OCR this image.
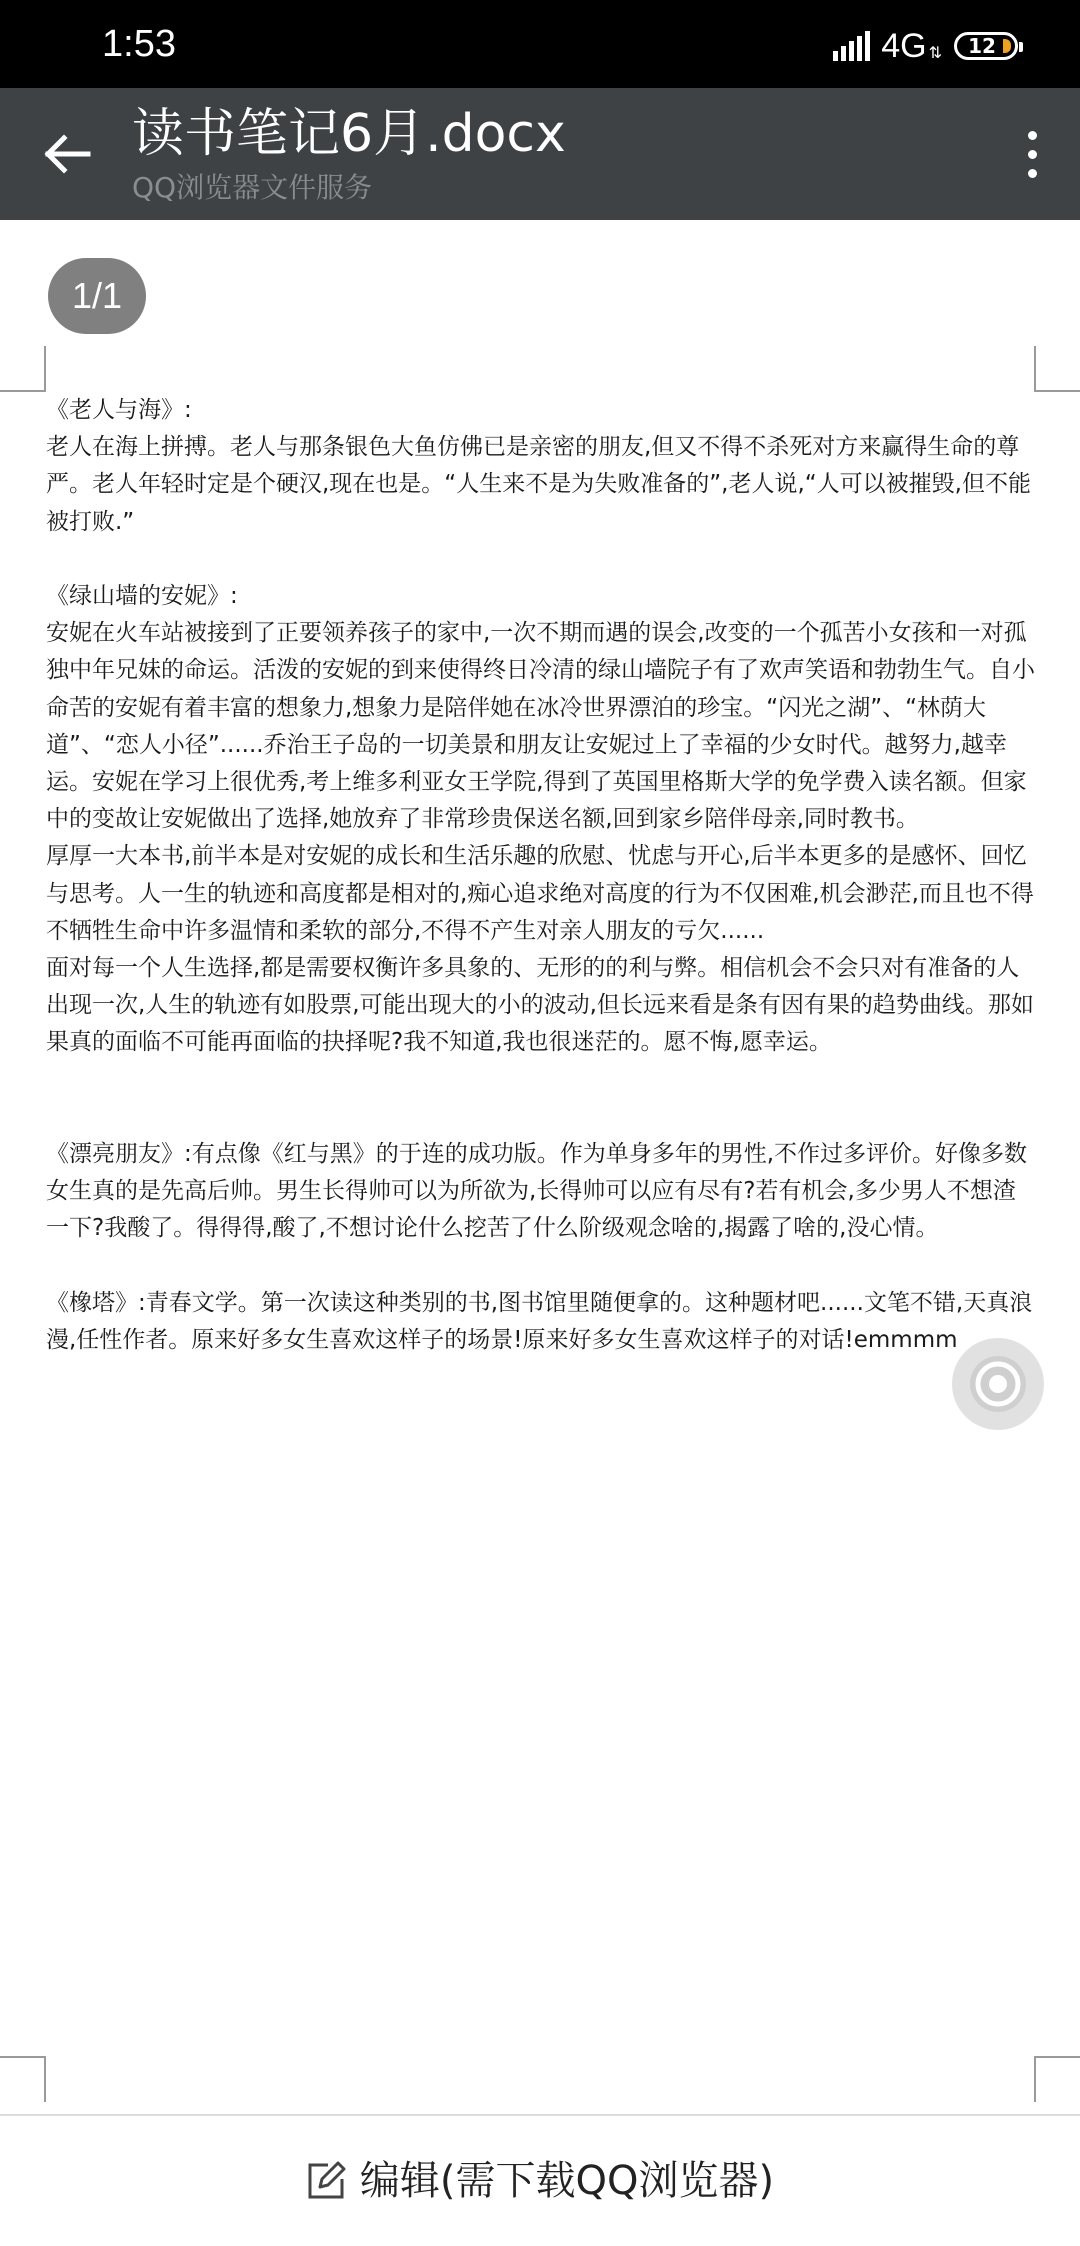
1:53	4G ⇅ 12
读书笔记6月.docx
QQ浏览器文件服务
1/1

《老人与海》:

老人在海上拼搏。老人与那条银色大鱼仿佛已是亲密的朋友,但又不得不杀死对方来赢得生命的尊严。老人年轻时定是个硬汉,现在也是。“人生来不是为失败准备的”,老人说,“人可以被摧毁,但不能被打败.”

《绿山墙的安妮》:

安妮在火车站被接到了正要领养孩子的家中,一次不期而遇的误会,改变的一个孤苦小女孩和一对孤独中年兄妹的命运。活泼的安妮的到来使得终日冷清的绿山墙院子有了欢声笑语和勃勃生气。自小命苦的安妮有着丰富的想象力,想象力是陪伴她在冰冷世界漂泊的珍宝。“闪光之湖”、“林荫大道”、“恋人小径”......乔治王子岛的一切美景和朋友让安妮过上了幸福的少女时代。越努力,越幸运。安妮在学习上很优秀,考上维多利亚女王学院,得到了英国里格斯大学的免学费入读名额。但家中的变故让安妮做出了选择,她放弃了非常珍贵保送名额,回到家乡陪伴母亲,同时教书。

厚厚一大本书,前半本是对安妮的成长和生活乐趣的欣慰、忧虑与开心,后半本更多的是感怀、回忆与思考。人一生的轨迹和高度都是相对的,痴心追求绝对高度的行为不仅困难,机会渺茫,而且也不得不牺牲生命中许多温情和柔软的部分,不得不产生对亲人朋友的亏欠......

面对每一个人生选择,都是需要权衡许多具象的、无形的的利与弊。相信机会不会只对有准备的人出现一次,人生的轨迹有如股票,可能出现大的小的波动,但长远来看是条有因有果的趋势曲线。那如果真的面临不可能再面临的抉择呢?我不知道,我也很迷茫的。愿不悔,愿幸运。

《漂亮朋友》:有点像《红与黑》的于连的成功版。作为单身多年的男性,不作过多评价。好像多数女生真的是先高后帅。男生长得帅可以为所欲为,长得帅可以应有尽有?若有机会,多少男人不想渣一下?我酸了。得得得,酸了,不想讨论什么挖苦了什么阶级观念啥的,揭露了啥的,没心情。

《橡塔》:青春文学。第一次读这种类别的书,图书馆里随便拿的。这种题材吧......文笔不错,天真浪漫,任性作者。原来好多女生喜欢这样子的场景!原来好多女生喜欢这样子的对话!emmmm

编辑(需下载QQ浏览器)
